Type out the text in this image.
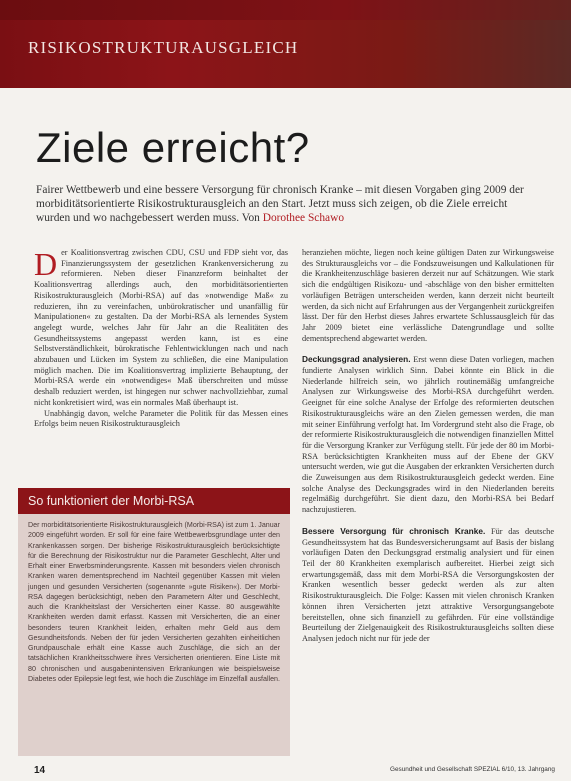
RISIKOSTRUKTURAUSGLEICH
Ziele erreicht?

Fairer Wettbewerb und eine bessere Versorgung für chronisch Kranke – mit diesen Vorgaben ging 2009 der morbiditätsorientierte Risikostrukturausgleich an den Start. Jetzt muss sich zeigen, ob die Ziele erreicht wurden und wo nachgebessert werden muss. Von Dorothee Schawo

Der Koalitionsvertrag zwischen CDU, CSU und FDP sieht vor, das Finanzierungssystem der gesetzlichen Krankenversicherung zu reformieren. Neben dieser Finanzreform beinhaltet der Koalitionsvertrag allerdings auch, den morbiditätsorientierten Risikostrukturausgleich (Morbi-RSA) auf das »notwendige Maß« zu reduzieren, ihn zu vereinfachen, unbürokratischer und unanfällig für Manipulationen« zu gestalten. Da der Morbi-RSA als lernendes System angelegt wurde, welches Jahr für Jahr an die Realitäten des Gesundheitssystems angepasst werden kann, ist es eine Selbstverständlichkeit, bürokratische Fehlentwicklungen nach und nach abzubauen und Lücken im System zu schließen, die eine Manipulation möglich machen. Die im Koalitionsvertrag implizierte Behauptung, der Morbi-RSA werde ein »notwendiges« Maß überschreiten und müsse deshalb reduziert werden, ist hingegen nur schwer nachvollziehbar, zumal nicht konkretisiert wird, was ein normales Maß überhaupt ist.

Unabhängig davon, welche Parameter die Politik für das Messen eines Erfolgs beim neuen Risikostrukturausgleich

heranziehen möchte, liegen noch keine gültigen Daten zur Wirkungsweise des Strukturausgleichs vor – die Fondszuweisungen und Kalkulationen für die Krankheitenzuschläge basieren derzeit nur auf Schätzungen. Wie stark sich die endgültigen Risikozu- und -abschläge von den bisher ermittelten vorläufigen Beträgen unterscheiden werden, kann derzeit nicht beurteilt werden, da sich nicht auf Erfahrungen aus der Vergangenheit zurückgreifen lässt. Der für den Herbst dieses Jahres erwartete Schlussausgleich für das Jahr 2009 bietet eine verlässliche Datengrundlage und sollte dementsprechend abgewartet werden.

Deckungsgrad analysieren. Erst wenn diese Daten vorliegen, machen fundierte Analysen wirklich Sinn. Dabei könnte ein Blick in die Niederlande hilfreich sein, wo jährlich routinemäßig umfangreiche Analysen zur Wirkungsweise des Morbi-RSA durchgeführt werden. Geeignet für eine solche Analyse der Erfolge des reformierten deutschen Risikostrukturausgleichs wäre an den Zielen gemessen werden, die man mit seiner Einführung verfolgt hat. Im Vordergrund steht also die Frage, ob der reformierte Risikostrukturausgleich die notwendigen finanziellen Mittel für die Versorgung Kranker zur Verfügung stellt. Für jede der 80 im Morbi-RSA berücksichtigten Krankheiten muss auf der Ebene der GKV untersucht werden, wie gut die Ausgaben der erkrankten Versicherten durch die Zuweisungen aus dem Risikostrukturausgleich gedeckt werden. Eine solche Analyse des Deckungsgrades wird in den Niederlanden bereits regelmäßig durchgeführt. Sie dient dazu, den Morbi-RSA bei Bedarf nachzujustieren.

Bessere Versorgung für chronisch Kranke. Für das deutsche Gesundheitssystem hat das Bundesversicherungsamt auf Basis der bislang vorläufigen Daten den Deckungsgrad erstmalig analysiert und für einen Teil der 80 Krankheiten exemplarisch aufbereitet. Hierbei zeigt sich erwartungsgemäß, dass mit dem Morbi-RSA die Versorgungskosten der Kranken wesentlich besser gedeckt werden als zur alten Risikostrukturausgleich. Die Folge: Kassen mit vielen chronisch Kranken können ihren Versicherten jetzt attraktive Versorgungsangebote bereitstellen, ohne sich finanziell zu gefährden. Für eine vollständige Beurteilung der Zielgenauigkeit des Risikostrukturausgleichs sollten diese Analysen jedoch nicht nur für jede der

So funktioniert der Morbi-RSA

Der morbiditätsorientierte Risikostrukturausgleich (Morbi-RSA) ist zum 1. Januar 2009 eingeführt worden. Er soll für eine faire Wettbewerbsgrundlage unter den Krankenkassen sorgen. Der bisherige Risikostrukturausgleich berücksichtigte für die Berechnung der Risikostruktur nur die Parameter Geschlecht, Alter und Erhalt einer Erwerbsminderungsrente. Kassen mit besonders vielen chronisch Kranken waren dementsprechend im Nachteil gegenüber Kassen mit vielen jungen und gesunden Versicherten (sogenannte »gute Risiken«). Der Morbi-RSA dagegen berücksichtigt, neben den Parametern Alter und Geschlecht, auch die Krankheitslast der Versicherten einer Kasse. 80 ausgewählte Krankheiten werden damit erfasst. Kassen mit Versicherten, die an einer besonders teuren Krankheit leiden, erhalten mehr Geld aus dem Gesundheitsfonds. Neben der für jeden Versicherten gezahlten einheitlichen Grundpauschale erhält eine Kasse auch Zuschläge, die sich an der tatsächlichen Krankheitsschwere ihres Versicherten orientieren. Eine Liste mit 80 chronischen und ausgabenintensiven Erkrankungen wie beispielsweise Diabetes oder Epilepsie legt fest, wie hoch die Zuschläge im Einzelfall ausfallen.

14	Gesundheit und Gesellschaft SPEZIAL 6/10, 13. Jahrgang
